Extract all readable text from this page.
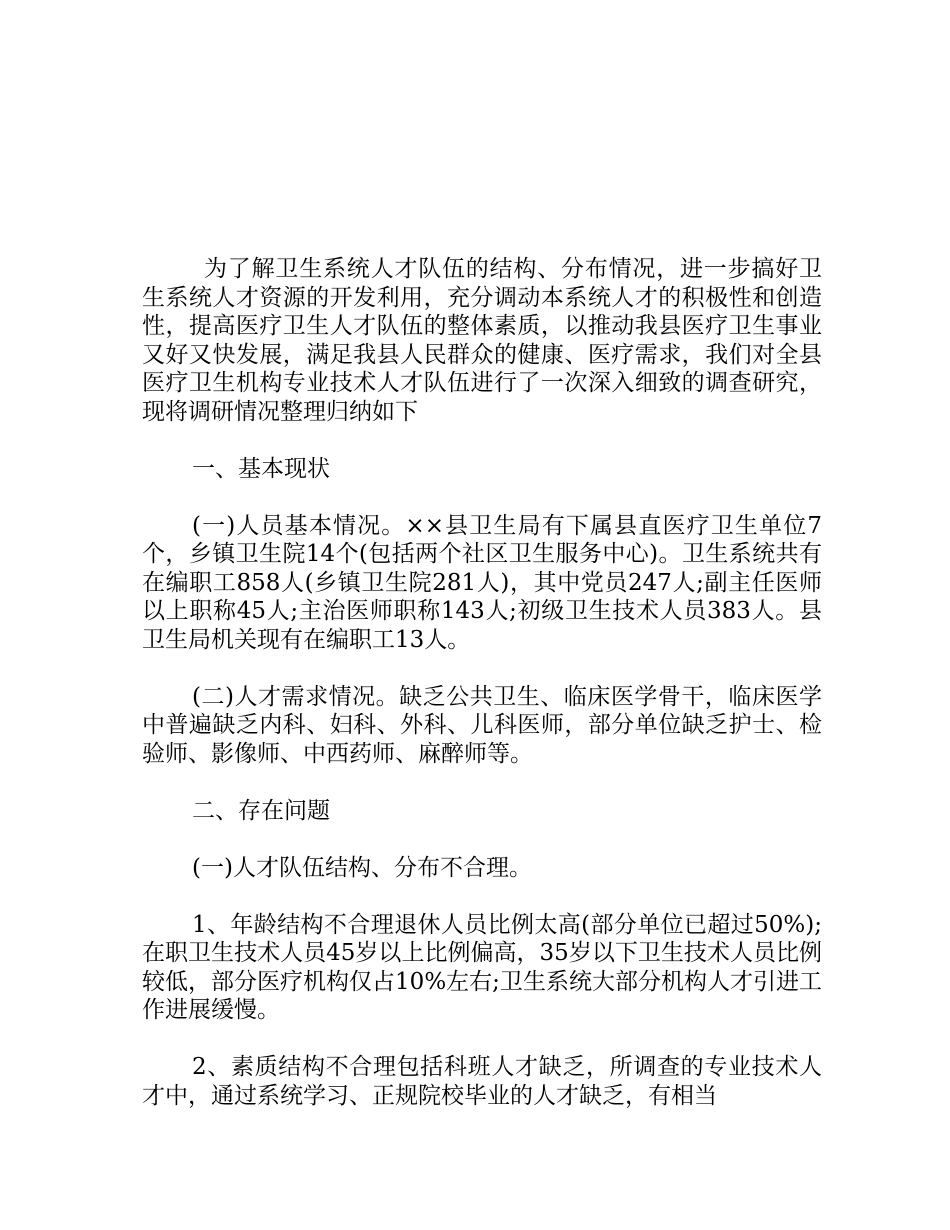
为了解卫生系统人才队伍的结构、分布情况，进一步搞好卫生系统人才资源的开发利用，充分调动本系统人才的积极性和创造性，提高医疗卫生人才队伍的整体素质，以推动我县医疗卫生事业又好又快发展，满足我县人民群众的健康、医疗需求，我们对全县医疗卫生机构专业技术人才队伍进行了一次深入细致的调查研究，现将调研情况整理归纳如下

一、基本现状

(一)人员基本情况。××县卫生局有下属县直医疗卫生单位7个，乡镇卫生院14个(包括两个社区卫生服务中心)。卫生系统共有在编职工858人(乡镇卫生院281人)，其中党员247人;副主任医师以上职称45人;主治医师职称143人;初级卫生技术人员383人。县卫生局机关现有在编职工13人。

(二)人才需求情况。缺乏公共卫生、临床医学骨干，临床医学中普遍缺乏内科、妇科、外科、儿科医师，部分单位缺乏护士、检验师、影像师、中西药师、麻醉师等。

二、存在问题

(一)人才队伍结构、分布不合理。

1、年龄结构不合理退休人员比例太高(部分单位已超过50%);在职卫生技术人员45岁以上比例偏高，35岁以下卫生技术人员比例较低，部分医疗机构仅占10%左右;卫生系统大部分机构人才引进工作进展缓慢。

2、素质结构不合理包括科班人才缺乏，所调查的专业技术人才中，通过系统学习、正规院校毕业的人才缺乏，有相当
